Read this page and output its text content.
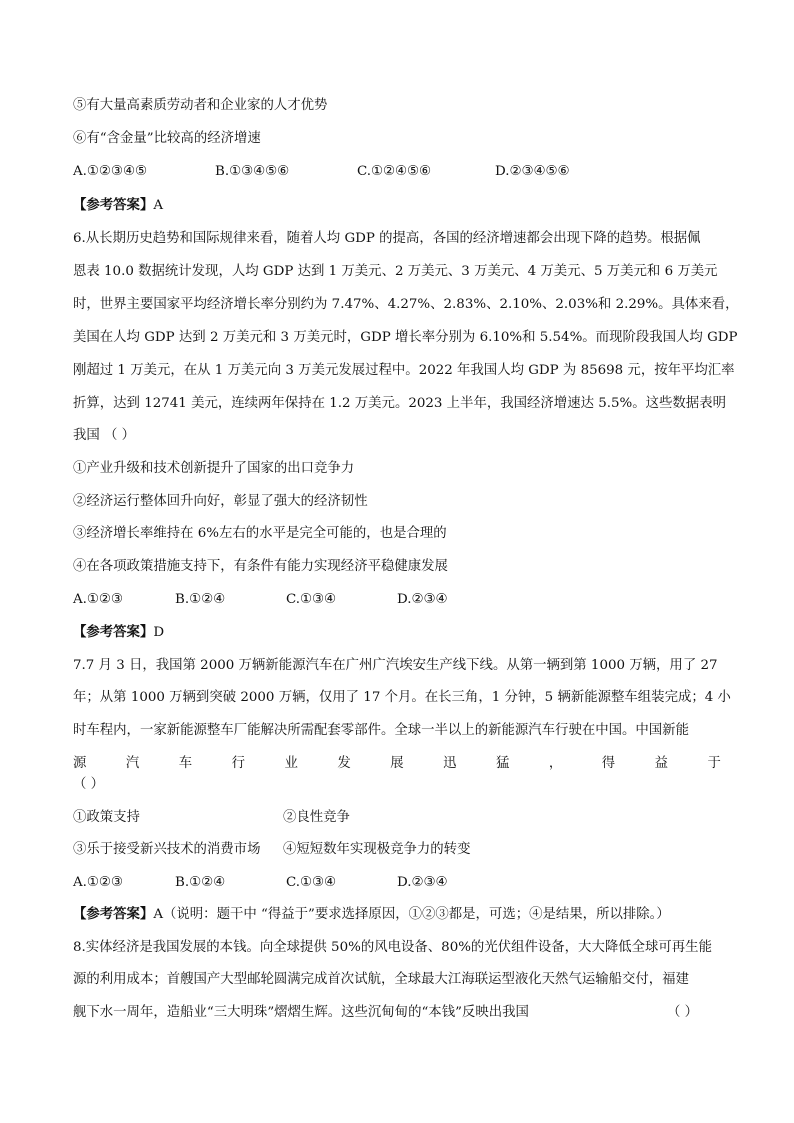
⑤有大量高素质劳动者和企业家的人才优势
⑥有“含金量”比较高的经济增速
A.①②③④⑤	B.①③④⑤⑥	C.①②④⑤⑥	D.②③④⑤⑥
【参考答案】A
6.从长期历史趋势和国际规律来看，随着人均 GDP 的提高，各国的经济增速都会出现下降的趋势。根据佩
恩表 10.0 数据统计发现，人均 GDP 达到 1 万美元、2 万美元、3 万美元、4 万美元、5 万美元和 6 万美元
时，世界主要国家平均经济增长率分别约为 7.47%、4.27%、2.83%、2.10%、2.03%和 2.29%。具体来看，
美国在人均 GDP 达到 2 万美元和 3 万美元时，GDP 增长率分别为 6.10%和 5.54%。而现阶段我国人均 GDP
刚超过 1 万美元，在从 1 万美元向 3 万美元发展过程中。2022 年我国人均 GDP 为 85698 元，按年平均汇率
折算，达到 12741 美元，连续两年保持在 1.2 万美元。2023 上半年，我国经济增速达 5.5%。这些数据表明
我国 （ ）
①产业升级和技术创新提升了国家的出口竞争力
②经济运行整体回升向好，彰显了强大的经济韧性
③经济增长率维持在 6%左右的水平是完全可能的，也是合理的
④在各项政策措施支持下，有条件有能力实现经济平稳健康发展
A.①②③	B.①②④	C.①③④	D.②③④
【参考答案】D
7.7 月 3 日，我国第 2000 万辆新能源汽车在广州广汽埃安生产线下线。从第一辆到第 1000 万辆，用了 27
年；从第 1000 万辆到突破 2000 万辆，仅用了 17 个月。在长三角，1 分钟，5 辆新能源整车组装完成；4 小
时车程内，一家新能源整车厂能解决所需配套零部件。全球一半以上的新能源汽车行驶在中国。中国新能
源	汽	车	行	业	发	展	迅	猛	，	得	益	于
（ ）
①政策支持	②良性竞争
③乐于接受新兴技术的消费市场 ④短短数年实现极竞争力的转变
A.①②③	B.①②④	C.①③④	D.②③④
【参考答案】A（说明：题干中 “得益于”要求选择原因，①②③都是，可选；④是结果，所以排除。）
8.实体经济是我国发展的本钱。向全球提供 50%的风电设备、80%的光伏组件设备，大大降低全球可再生能
源的利用成本；首艘国产大型邮轮圆满完成首次试航，全球最大江海联运型液化天然气运输船交付，福建
舰下水一周年，造船业“三大明珠”熠熠生辉。这些沉甸甸的“本钱”反映出我国	（ ）
